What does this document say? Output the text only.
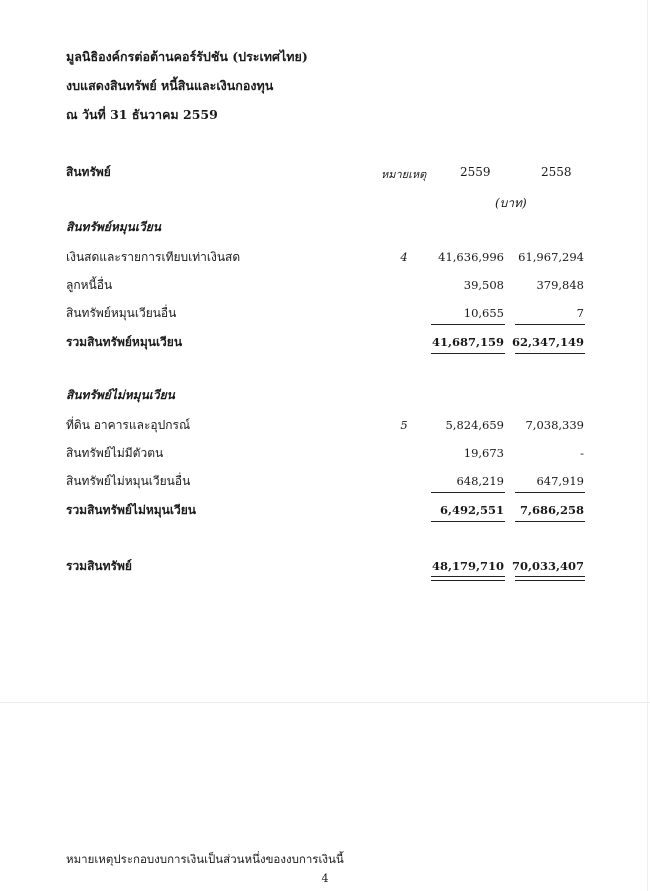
มูลนิธิองค์กรต่อต้านคอร์รัปชัน (ประเทศไทย)
งบแสดงสินทรัพย์ หนี้สินและเงินกองทุน
ณ วันที่ 31 ธันวาคม 2559
สินทรัพย์	หมายเหตุ	2559	2558
(บาท)
สินทรัพย์หมุนเวียน
เงินสดและรายการเทียบเท่าเงินสด	4	41,636,996 61,967,294
ลูกหนี้อื่น	39,508	379,848
สินทรัพย์หมุนเวียนอื่น	10,655	7
รวมสินทรัพย์หมุนเวียน	41,687,159 62,347,149
สินทรัพย์ไม่หมุนเวียน
ที่ดิน อาคารและอุปกรณ์	5	5,824,659 7,038,339
สินทรัพย์ไม่มีตัวตน	19,673	-
สินทรัพย์ไม่หมุนเวียนอื่น	648,219	647,919
รวมสินทรัพย์ไม่หมุนเวียน	6,492,551 7,686,258
รวมสินทรัพย์	48,179,710 70,033,407
หมายเหตุประกอบงบการเงินเป็นส่วนหนึ่งของงบการเงินนี้
4
